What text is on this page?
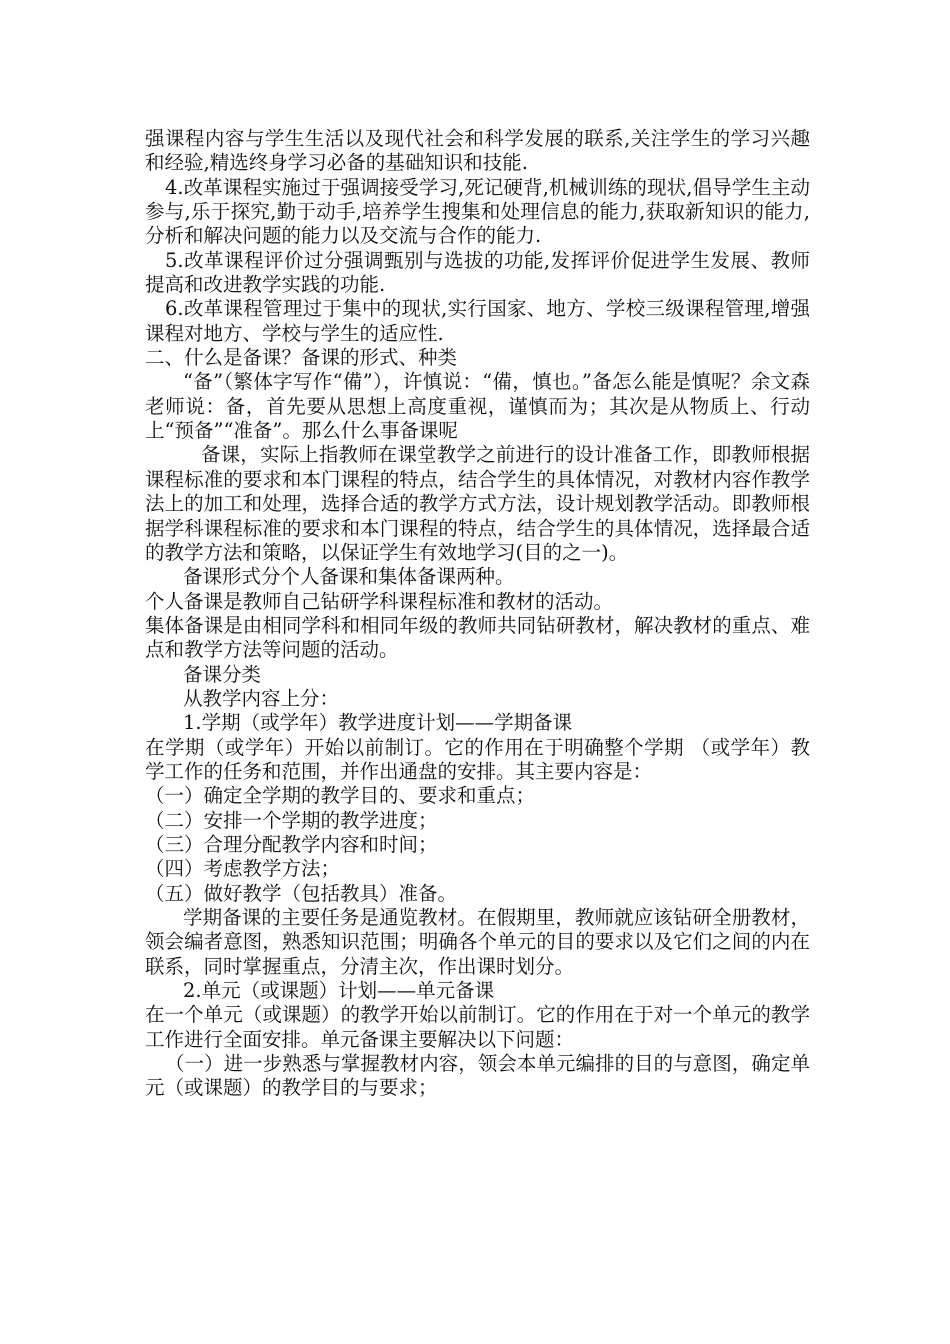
强课程内容与学生生活以及现代社会和科学发展的联系,关注学生的学习兴趣和经验,精选终身学习必备的基础知识和技能.

4.改革课程实施过于强调接受学习,死记硬背,机械训练的现状,倡导学生主动参与,乐于探究,勤于动手,培养学生搜集和处理信息的能力,获取新知识的能力,分析和解决问题的能力以及交流与合作的能力.

5.改革课程评价过分强调甄别与选拔的功能,发挥评价促进学生发展、教师提高和改进教学实践的功能.

6.改革课程管理过于集中的现状,实行国家、地方、学校三级课程管理,增强课程对地方、学校与学生的适应性.

二、什么是备课？备课的形式、种类

“备”（繁体字写作“備”），许慎说：“備，慎也。”备怎么能是慎呢？余文森老师说：备，首先要从思想上高度重视，谨慎而为；其次是从物质上、行动上“预备”“准备”。那么什么事备课呢

备课，实际上指教师在课堂教学之前进行的设计准备工作，即教师根据课程标准的要求和本门课程的特点，结合学生的具体情况，对教材内容作教学法上的加工和处理，选择合适的教学方式方法，设计规划教学活动。即教师根据学科课程标准的要求和本门课程的特点，结合学生的具体情况，选择最合适的教学方法和策略，以保证学生有效地学习(目的之一)。

备课形式分个人备课和集体备课两种。

个人备课是教师自己钻研学科课程标准和教材的活动。

集体备课是由相同学科和相同年级的教师共同钻研教材，解决教材的重点、难点和教学方法等问题的活动。

备课分类

从教学内容上分：

1.学期（或学年）教学进度计划——学期备课

在学期（或学年）开始以前制订。它的作用在于明确整个学期 （或学年）教学工作的任务和范围，并作出通盘的安排。其主要内容是：

（一）确定全学期的教学目的、要求和重点；

（二）安排一个学期的教学进度；

（三）合理分配教学内容和时间；

（四）考虑教学方法；

（五）做好教学（包括教具）准备。

学期备课的主要任务是通览教材。在假期里，教师就应该钻研全册教材，领会编者意图，熟悉知识范围；明确各个单元的目的要求以及它们之间的内在联系，同时掌握重点，分清主次，作出课时划分。

2.单元（或课题）计划——单元备课

在一个单元（或课题）的教学开始以前制订。它的作用在于对一个单元的教学工作进行全面安排。单元备课主要解决以下问题：

（一）进一步熟悉与掌握教材内容，领会本单元编排的目的与意图，确定单元（或课题）的教学目的与要求；
